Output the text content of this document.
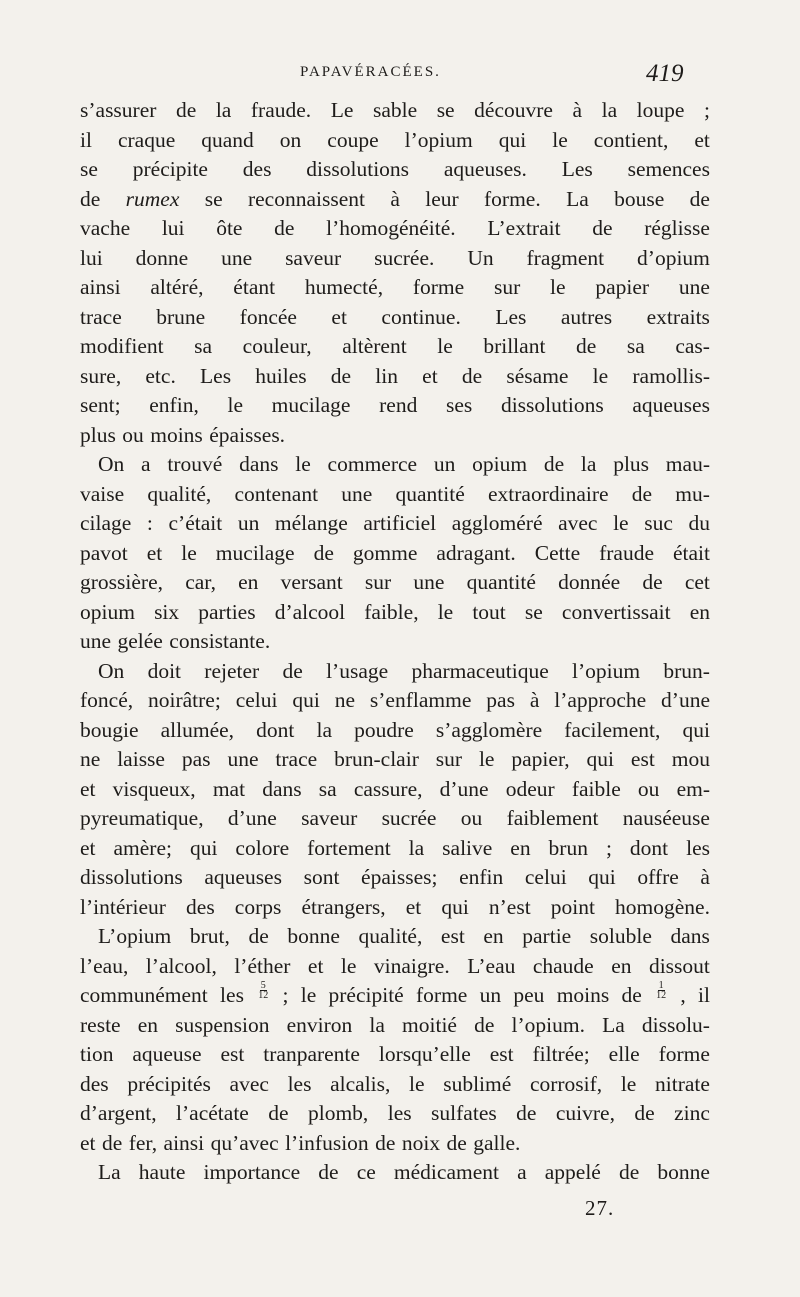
PAPAVÉRACÉES.	419
s’assurer de la fraude. Le sable se découvre à la loupe ;
il craque quand on coupe l’opium qui le contient, et
se précipite des dissolutions aqueuses. Les semences
de rumex se reconnaissent à leur forme. La bouse de
vache lui ôte de l’homogénéité. L’extrait de réglisse
lui donne une saveur sucrée. Un fragment d’opium
ainsi altéré, étant humecté, forme sur le papier une
trace brune foncée et continue. Les autres extraits
modifient sa couleur, altèrent le brillant de sa cas-
sure, etc. Les huiles de lin et de sésame le ramollis-
sent; enfin, le mucilage rend ses dissolutions aqueuses
plus ou moins épaisses.
On a trouvé dans le commerce un opium de la plus mau-
vaise qualité, contenant une quantité extraordinaire de mu-
cilage : c’était un mélange artificiel aggloméré avec le suc du
pavot et le mucilage de gomme adragant. Cette fraude était
grossière, car, en versant sur une quantité donnée de cet
opium six parties d’alcool faible, le tout se convertissait en
une gelée consistante.
On doit rejeter de l’usage pharmaceutique l’opium brun-
foncé, noirâtre; celui qui ne s’enflamme pas à l’approche d’une
bougie allumée, dont la poudre s’agglomère facilement, qui
ne laisse pas une trace brun-clair sur le papier, qui est mou
et visqueux, mat dans sa cassure, d’une odeur faible ou em-
pyreumatique, d’une saveur sucrée ou faiblement nauséeuse
et amère; qui colore fortement la salive en brun ; dont les
dissolutions aqueuses sont épaisses; enfin celui qui offre à
l’intérieur des corps étrangers, et qui n’est point homogène.
L’opium brut, de bonne qualité, est en partie soluble dans
l’eau, l’alcool, l’éther et le vinaigre. L’eau chaude en dissout
communément les $\frac{5}{12}$ ; le précipité forme un peu moins de $\frac{1}{12}$ , il
reste en suspension environ la moitié de l’opium. La dissolu-
tion aqueuse est tranparente lorsqu’elle est filtrée; elle forme
des précipités avec les alcalis, le sublimé corrosif, le nitrate
d’argent, l’acétate de plomb, les sulfates de cuivre, de zinc
et de fer, ainsi qu’avec l’infusion de noix de galle.
La haute importance de ce médicament a appelé de bonne
27.
